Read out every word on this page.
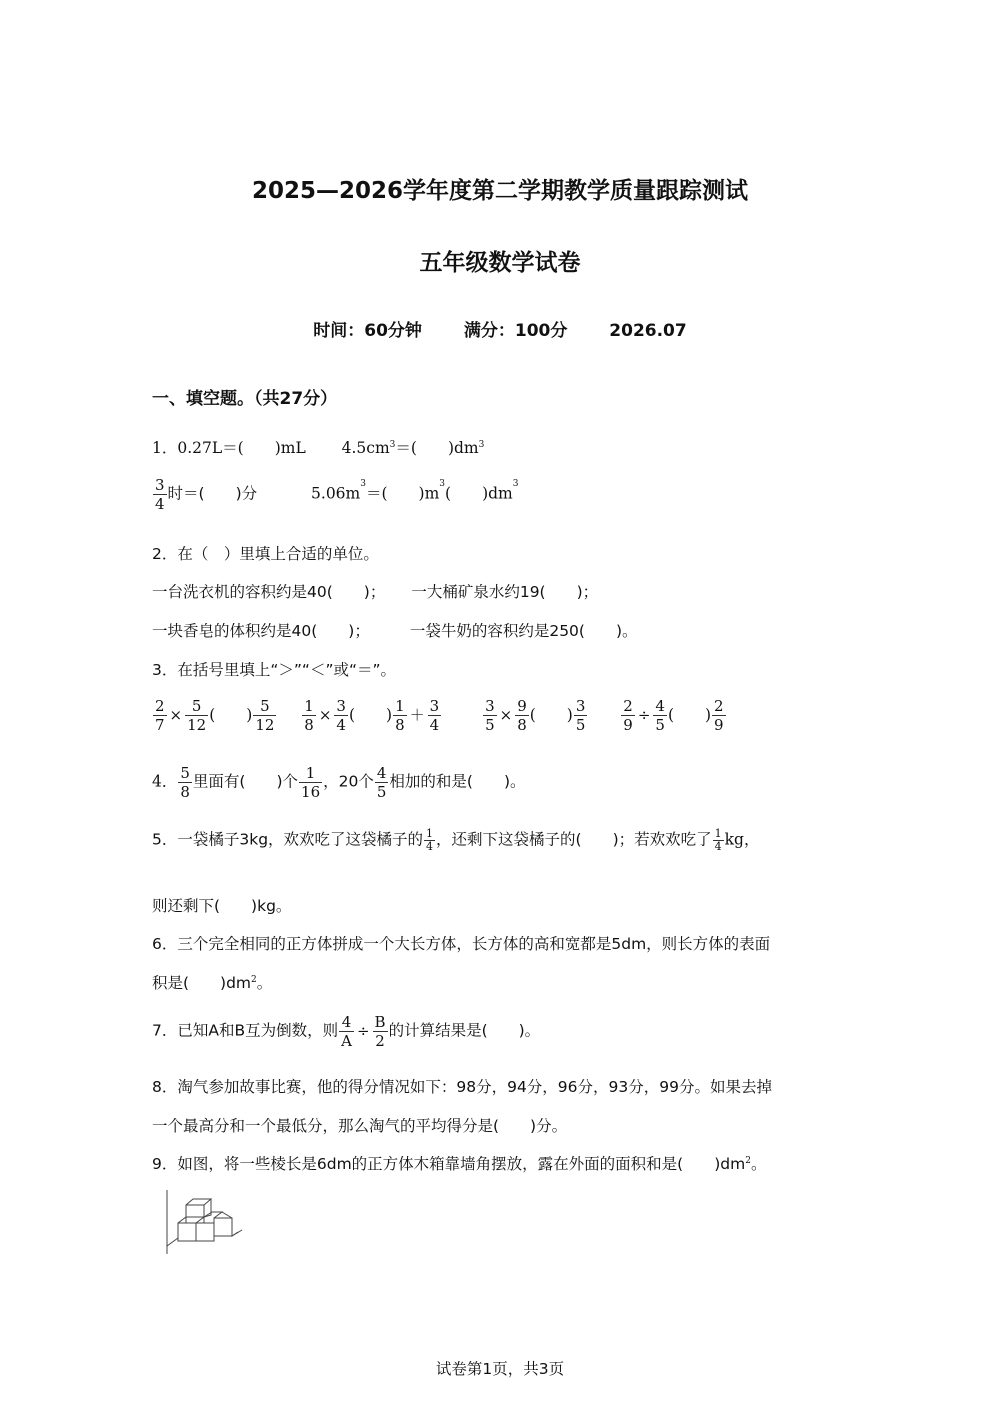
2025—2026学年度第二学期教学质量跟踪测试
五年级数学试卷
时间：60分钟 满分：100分 2026.07
一、填空题。（共27分）
1．0.27L＝(　　)mL $4.5cm^3=$(　　)$dm^3$
$\frac{3}{4}$ 时＝(　　)分	$5.06m^3=$(　　)$m^3$(　　)$dm^3$
2．在（　）里填上合适的单位。
一台洗衣机的容积约是40(　　)； 一大桶矿泉水约19(　　)；
一块香皂的体积约是40(　　)；	一袋牛奶的容积约是250(　　)。
3．在括号里填上“＞”“＜”或“＝”。
$\frac{2}{7} \times \frac{5}{12}$ (　　) $\frac{5}{12}$
$\frac{1}{8} \times \frac{3}{4}$ (　　) $\frac{1}{8} + \frac{3}{4}$
	$\frac{3}{5} \times \frac{9}{8}$ (　　) $\frac{3}{5}$
$\frac{2}{9} \div \frac{4}{5}$ (　　) $\frac{2}{9}$
4． $\frac{5}{8}$ 里面有(　　)个 $\frac{1}{16}$ ，20个 $\frac{4}{5}$ 相加的和是(　　)。
5．一袋橘子3kg，欢欢吃了这袋橘子的 $\frac{1}{4}$ ，还剩下这袋橘子的(　　)；若欢欢吃了 $\frac{1}{4}$ kg，
则还剩下(　　)kg。
6．三个完全相同的正方体拼成一个大长方体，长方体的高和宽都是5dm，则长方体的表面
积是(　　)$dm^2$。
7．已知A和B互为倒数，则 $\frac{4}{A} \div \frac{B}{2}$ 的计算结果是(　　)。
8．淘气参加故事比赛，他的得分情况如下：98分，94分，96分，93分，99分。如果去掉
一个最高分和一个最低分，那么淘气的平均得分是(　　)分。
9．如图，将一些棱长是6dm的正方体木箱靠墙角摆放，露在外面的面积和是(　　)$dm^2$。
试卷第1页，共3页
